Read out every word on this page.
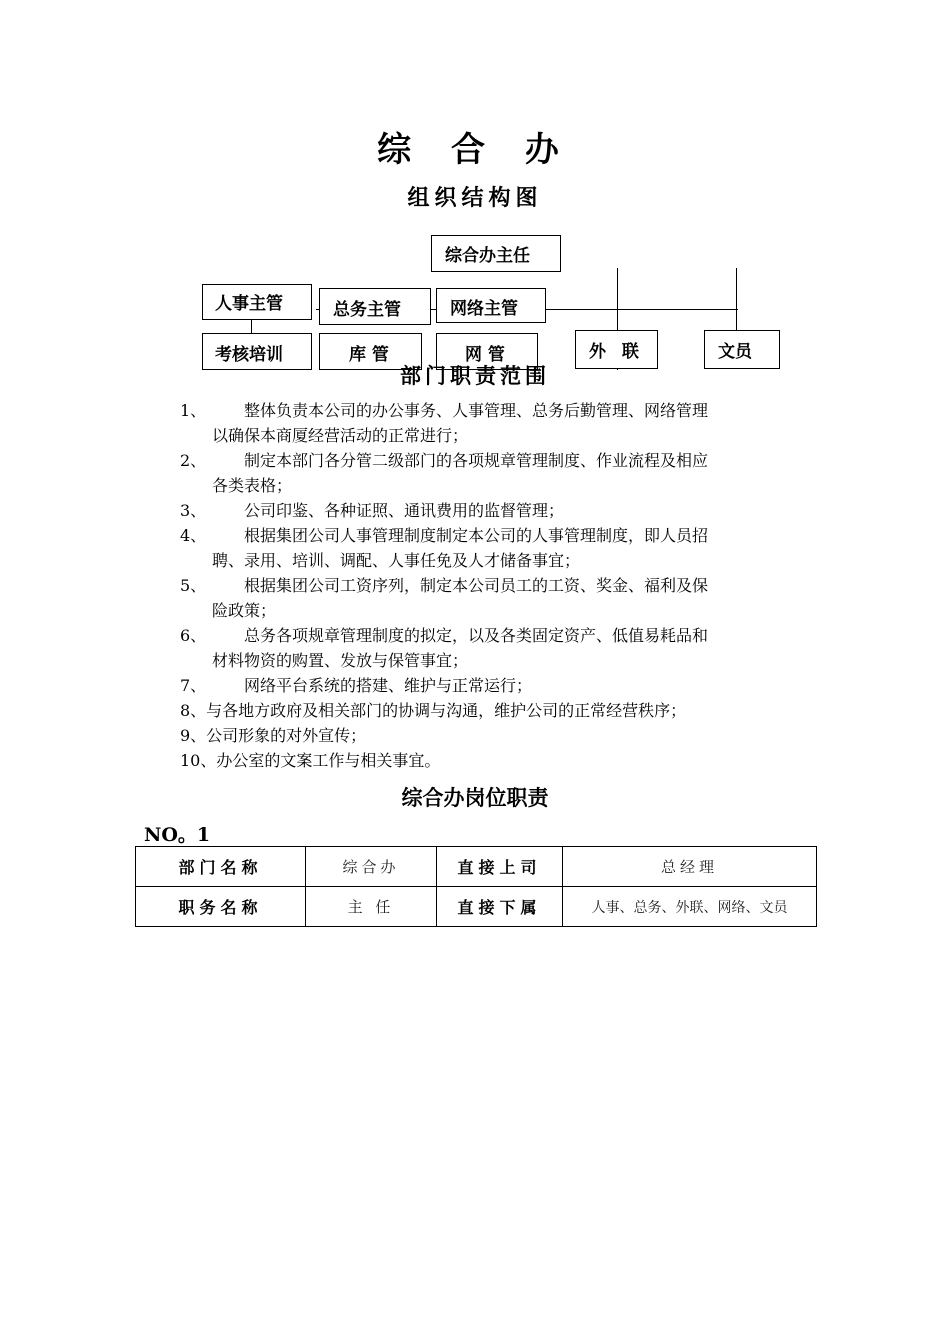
综 合 办
组织结构图
综合办主任
人事主管	总务主管	网络主管
考核培训	库 管	网 管	外 联	文员
部门职责范围
1、 整体负责本公司的办公事务、人事管理、总务后勤管理、网络管理
以确保本商厦经营活动的正常进行；
2、 制定本部门各分管二级部门的各项规章管理制度、作业流程及相应
各类表格；
3、 公司印鉴、各种证照、通讯费用的监督管理；
4、 根据集团公司人事管理制度制定本公司的人事管理制度，即人员招
聘、录用、培训、调配、人事任免及人才储备事宜；
5、 根据集团公司工资序列，制定本公司员工的工资、奖金、福利及保
险政策；
6、 总务各项规章管理制度的拟定，以及各类固定资产、低值易耗品和
材料物资的购置、发放与保管事宜；
7、 网络平台系统的搭建、维护与正常运行；
8、与各地方政府及相关部门的协调与沟通，维护公司的正常经营秩序；
9、公司形象的对外宣传；
10、办公室的文案工作与相关事宜。
综合办岗位职责
NO。1
部门名称	综合办	直接上司	总经理
职务名称	主 任	直接下属	人事、总务、外联、网络、文员
